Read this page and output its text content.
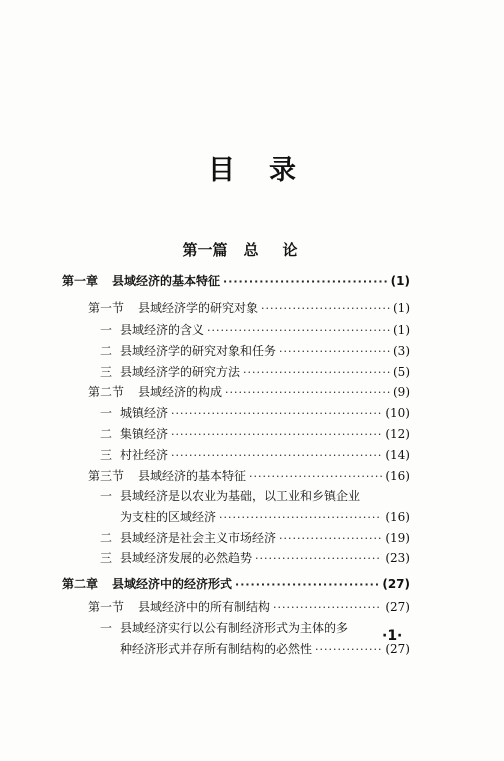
目录
第一篇 总论
第一章 县域经济的基本特征 ·····	(1)
第一节 县域经济学的研究对象 ·····	(1)
一 县域经济的含义 ·····	(1)
二 县域经济学的研究对象和任务 ·····	(3)
三 县域经济学的研究方法 ·····	(5)
第二节 县域经济的构成 ·····	(9)
一 城镇经济 ·····	(10)
二 集镇经济 ·····	(12)
三 村社经济 ·····	(14)
第三节 县域经济的基本特征 ·····	(16)
一 县域经济是以农业为基础，以工业和乡镇企业
为支柱的区域经济 ·····	(16)
二 县域经济是社会主义市场经济 ·····	(19)
三 县域经济发展的必然趋势 ·····	(23)
第二章 县域经济中的经济形式 ·····	(27)
第一节 县域经济中的所有制结构 ·····	(27)
一 县域经济实行以公有制经济形式为主体的多
种经济形式并存所有制结构的必然性 ·····	(27)
·1·
